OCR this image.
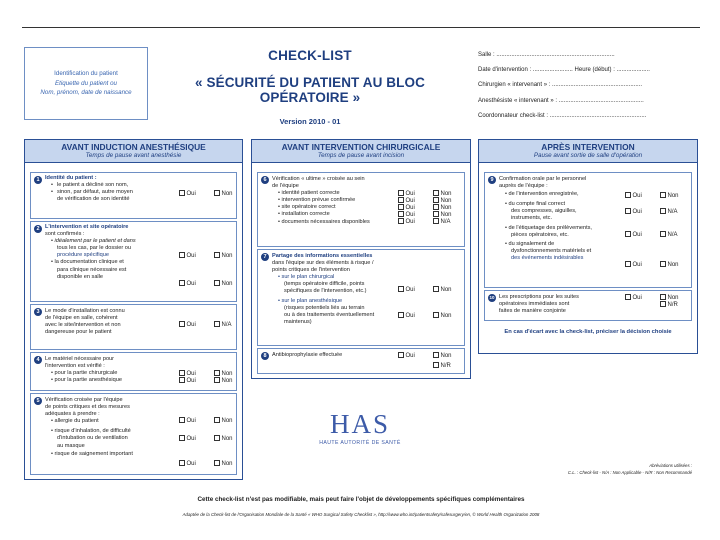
Identification du patient
Etiquette du patient ou
Nom, prénom, date de naissance
CHECK-LIST
« SÉCURITÉ DU PATIENT AU BLOC OPÉRATOIRE »
Version 2010 - 01
Salle : .......................................................................
Date d'intervention : ........................ Heure (début) : ....................
Chirurgien « intervenant » : ......................................................
Anesthésiste « intervenant » : ...................................................
Coordonnateur check-list : ..........................................................
AVANT INDUCTION ANESTHÉSIQUE
Temps de pause avant anesthésie
1 Identité du patient :
• le patient a déclinė son nom,
• sinon, par défaut, autre moyen
de vérification de son identité
Oui	Non
2 L'intervention et site opératoire
sont confirmés :
• idéalement par le patient et dans
tous les cas, par le dossier ou
procédure spécifique
• la documentation clinique et
para clinique nécessaire est
disponible en salle
Oui	Non
Oui	Non
3 Le mode d'installation est connu
de l'équipe en salle, cohérent
avec le site/intervention et non
dangereuse pour le patient
Oui	N/A
4 Le matériel nécessaire pour
l'intervention est vérifié :
• pour la partie chirurgicale
• pour la partie anesthésique
Oui	Non
Oui	Non
5 Vérification croisée par l'équipe
de points critiques et des mesures
adéquates à prendre :
• allergie du patient
• risque d'inhalation, de difficulté
d'intubation ou de ventilation
au masque
• risque de saignement important
Oui	Non
Oui	Non
Oui	Non
AVANT INTERVENTION CHIRURGICALE
Temps de pause avant incision
6 Vérification « ultime » croisée au sein
de l'équipe
• identité patient correcte
• intervention prévue confirmée
• site opératoire correct
• installation correcte
• documents nécessaires disponibles
Oui	Non
Oui	Non
Oui	Non
Oui	Non
Oui	N/A
7 Partage des informations essentielles
dans l'équipe sur des éléments à risque /
points critiques de l'intervention
• sur le plan chirurgical
(temps opératoire difficile, points
spécifiques de l'intervention, etc.)
• sur le plan anesthésique
(risques potentiels liés au terrain
ou à des traitements éventuellement
maintenus)
Oui	Non
Oui	Non
8 Antibioprophylaxie effectuée	Oui	Non
N/R
APRÈS INTERVENTION
Pause avant sortie de salle d'opération
9 Confirmation orale par le personnel
auprès de l'équipe :
• de l'intervention enregistrée,
• du compte final correct
des compresses, aiguilles,
instruments, etc.
• de l'étiquetage des prélèvements,
pièces opératoires, etc.
• du signalement de
dysfonctionnements matériels et
des événements indésirables
Oui	Non
Oui	N/A
Oui	N/A
Oui	Non
10 Les prescriptions pour les suites
opératoires immédiates sont
faites de manière conjointe
Oui	Non
N/R
En cas d'écart avec la check-list, préciser la décision choisie
HAS
HAUTE AUTORITÉ DE SANTÉ
Abréviations utilisées :
C.L. : Check-list - N/A : Non Applicable - N/R : Non Recommandé
Cette check-list n'est pas modifiable, mais peut faire l'objet de développements spécifiques complémentaires
Adaptée de la Check-list de l'Organisation Mondiale de la Santé « WHO Surgical Safety Checklist », http://www.who.int/patientsafety/safesurgery/en, © World Health Organization 2008
